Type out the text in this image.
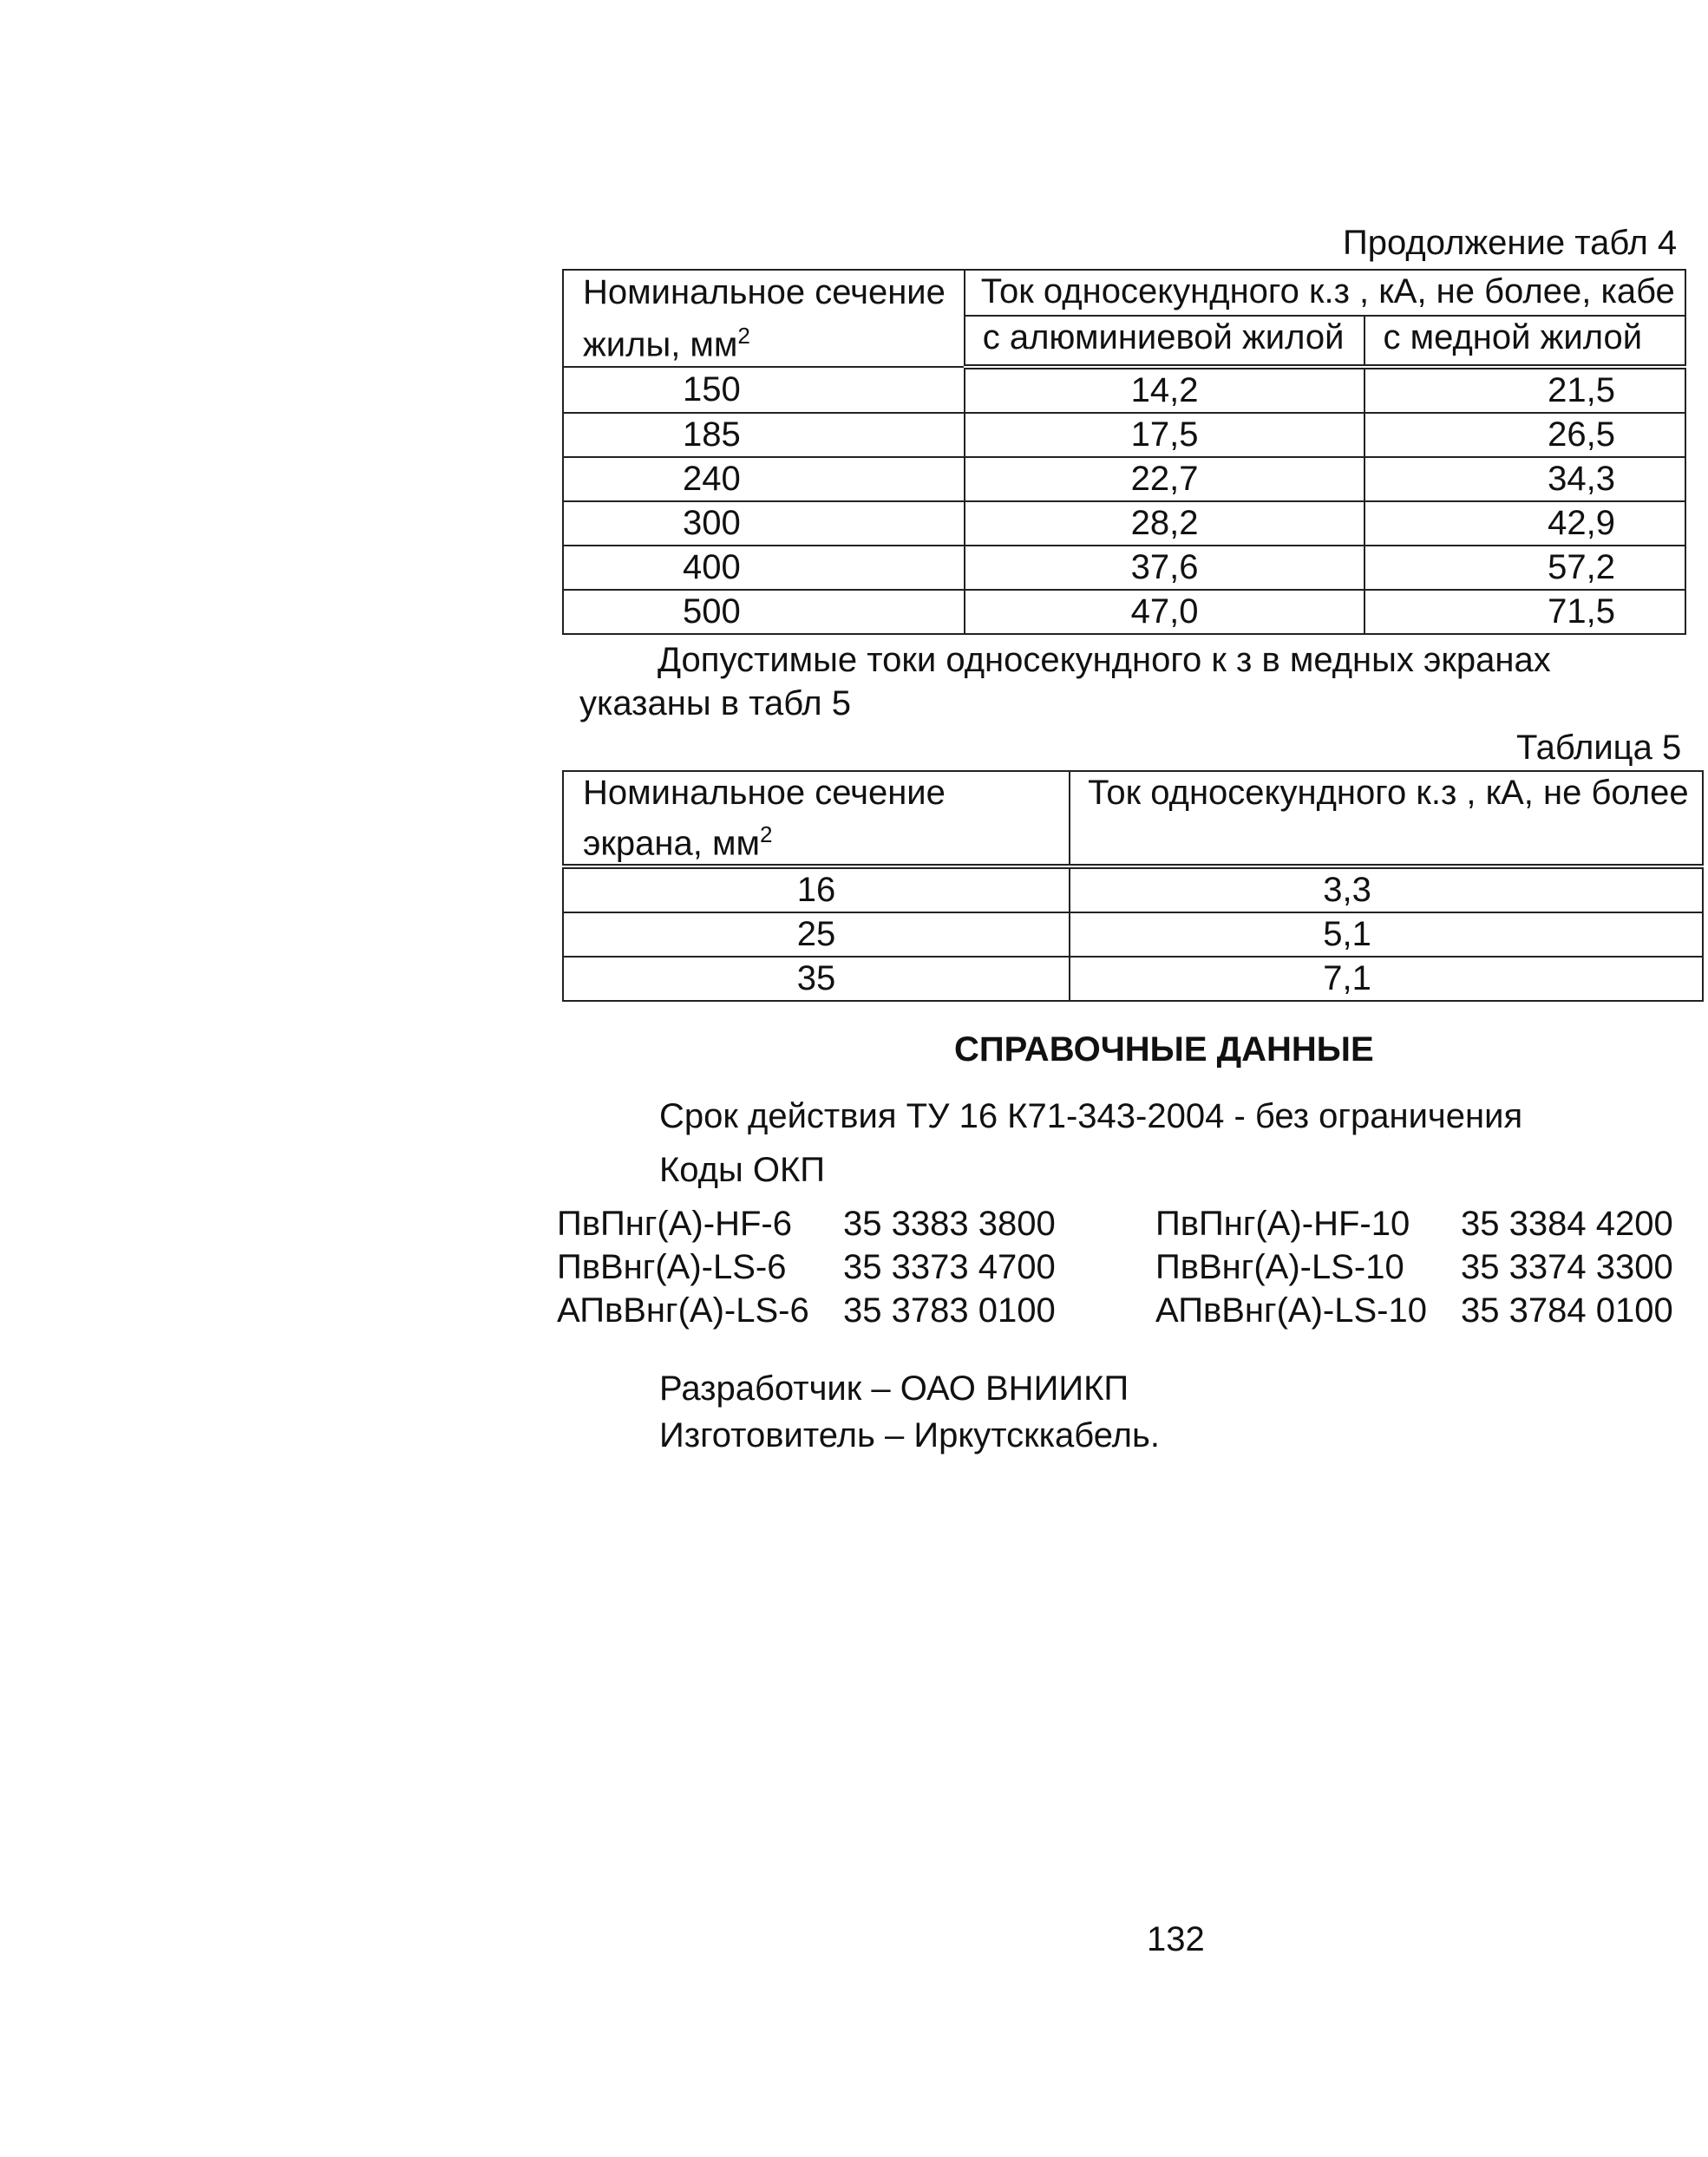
Продолжение табл 4
Номинальное сечение жилы, $мм^2$	Ток односекундного к.з , кА, не более, кабе	
	с алюминиевой жилой	с медной жилой
150	14,2	21,5
185	17,5	26,5
240	22,7	34,3
300	28,2	42,9
400	37,6	57,2
500	47,0	71,5
Допустимые токи односекундного к з в медных экранах
указаны в табл 5
Таблица 5
Номинальное сечение
экрана, $мм^2$	Ток односекундного к.з , кА, не более
16	3,3
25	5,1
35	7,1
СПРАВОЧНЫЕ ДАННЫЕ
Срок действия ТУ 16 К71-343-2004 - без ограничения
Коды ОКП
ПвПнг(А)-HF-6	35 3383 3800	ПвПнг(А)-HF-10	35 3384 4200
ПвВнг(А)-LS-6	35 3373 4700	ПвВнг(А)-LS-10	35 3374 3300
АПвВнг(А)-LS-6 35 3783 0100	АПвВнг(А)-LS-10 35 3784 0100
Разработчик – ОАО ВНИИКП
Изготовитель – Иркутсккабель.
132
